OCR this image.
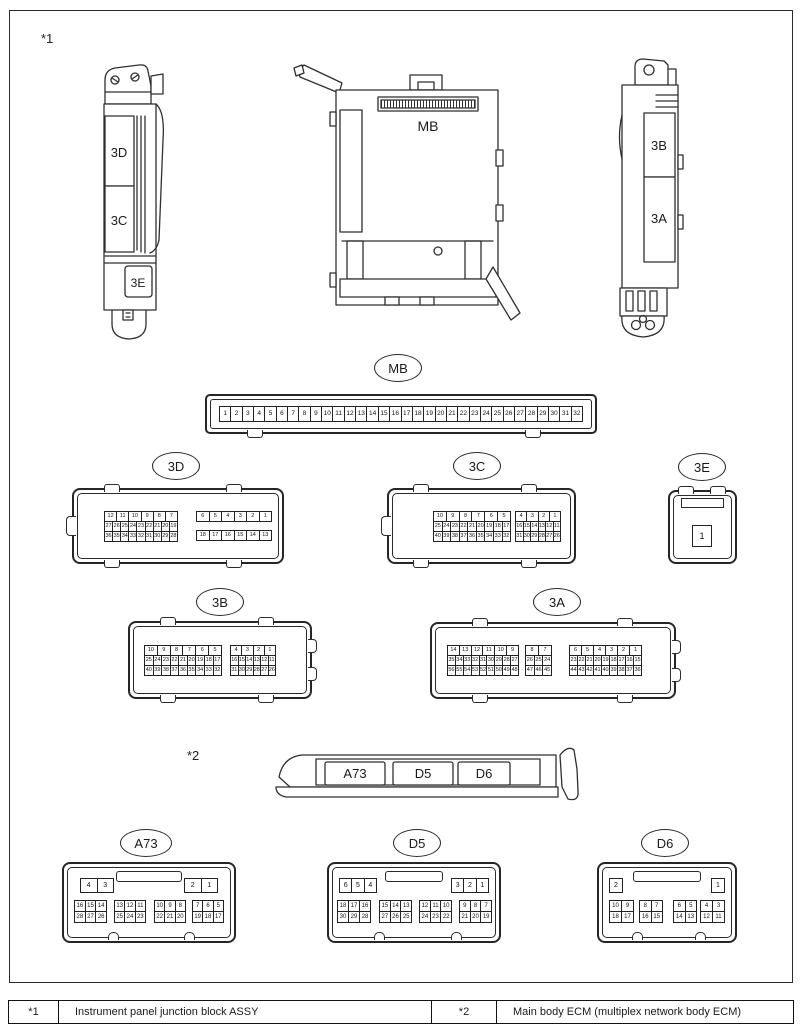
*1
*2
3D
3C
3E
MB
3B
3A
MB
1	2	3	4	5	6	7	8	9 10 11 12 13 14 15 16 17 18 19 20 21 22 23 24 25 26 27 28 29 30 31 32
3D
12	11	10	9	8	7
27 26 25 24 23 22 21 20 19
36 35 34 33 32 31 30 29 28
6	5	4	3	2	1
18	17	16	15	14	13
3C
10	9	8	7	6	5
25 24 23 22 21 20 19 18 17
40 39 38 37 36 35 34 33 32
4	3	2	1
16 15 14 13 12 11
31 30 29 28 27 26
3E
1
3B
10	9	8	7	6	5
25 24 23 22 21 20 19 18 17
40 39 38 37 36 35 34 33 32
4	3	2	1
16 15 14 13 12 11
31 30 29 28 27 26
3A
14	13	12	11	10	9
35 34 33 32 31 30 29 28 27
56 55 54 53 52 51 50 49 48
8	7
26 25 24
47 46 45
6	5	4	3	2	1
23 22 21 20 19 18 17 16 15
44 43 42 41 40 39 38 37 36
A73	D5	D6
A73
4	3	2	1
16 15 14
28 27 26
13 12 11
25 24 23
10 9	8
22 21 20
7	6	5
19 18 17
D5
6	5	4	3	2	1
18 17 16
30 29 28
15 14 13
27 26 25
12 11 10
24 23 22
9	8	7
21 20 19
D6
2	1
10	9
18 17
8	7
16 15
6	5
14 13
4	3
12 11
*1	Instrument panel junction block ASSY	*2	Main body ECM (multiplex network body ECM)
